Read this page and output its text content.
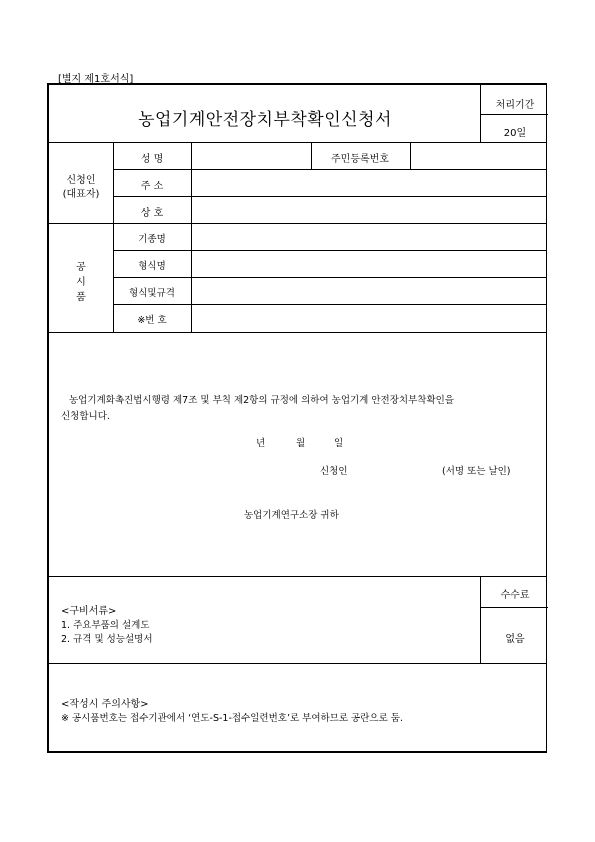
[별지 제1호서식]
농업기계안전장치부착확인신청서
처리기간
20일
신청인
(대표자)
성 명	주민등록번호
주 소
상 호
공
시
품
기종명
형식명
형식및규격
※번 호
농업기계화촉진법시행령 제7조 및 부칙 제2항의 규정에 의하여 농업기계 안전장치부착확인을
신청합니다.
년	월	일
신청인	(서명 또는 날인)
농업기계연구소장 귀하
수수료
없음
<구비서류>
1. 주요부품의 설계도
2. 규격 및 성능설명서
<작성시 주의사항>
※ 공시품번호는 접수기관에서 ‘연도-S-1-접수일련번호’로 부여하므로 공란으로 둠.
